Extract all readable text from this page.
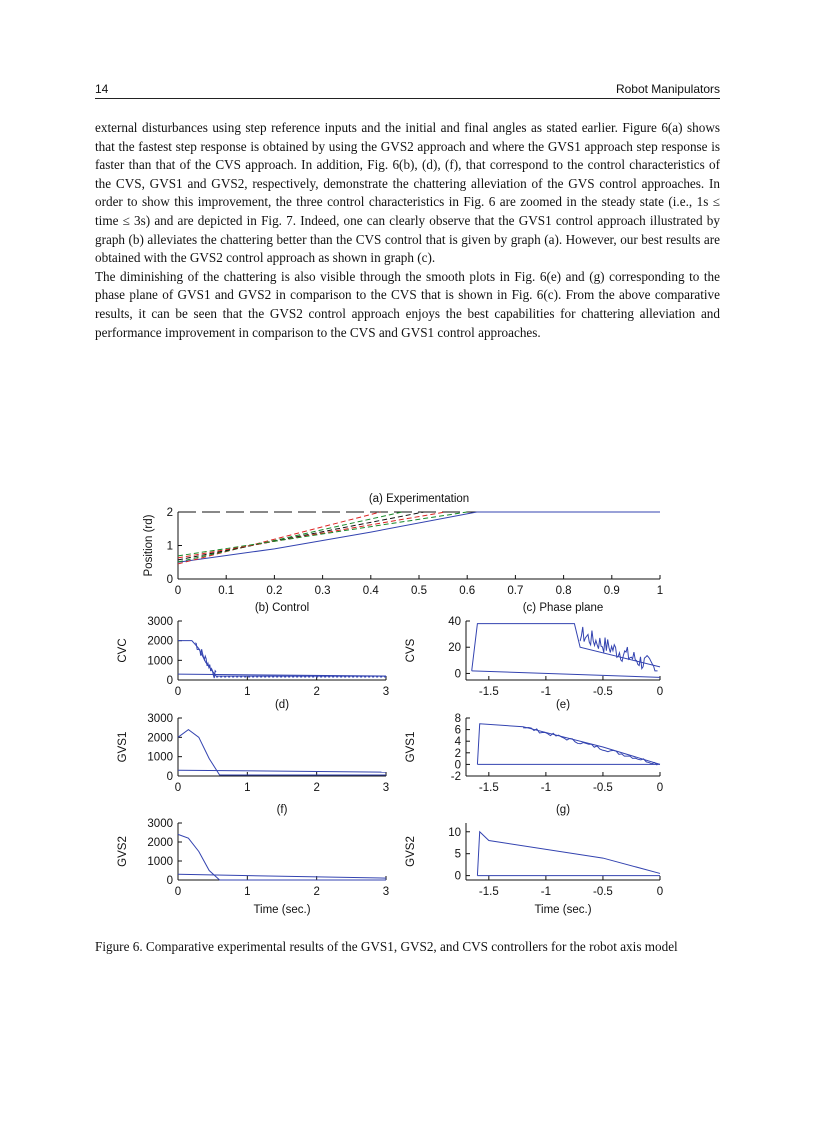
14	Robot Manipulators

external disturbances using step reference inputs and the initial and final angles as stated earlier. Figure 6(a) shows that the fastest step response is obtained by using the GVS2 approach and where the GVS1 approach step response is faster than that of the CVS approach. In addition, Fig. 6(b), (d), (f), that correspond to the control characteristics of the CVS, GVS1 and GVS2, respectively, demonstrate the chattering alleviation of the GVS control approaches. In order to show this improvement, the three control characteristics in Fig. 6 are zoomed in the steady state (i.e., 1s ≤ time ≤ 3s) and are depicted in Fig. 7. Indeed, one can clearly observe that the GVS1 control approach illustrated by graph (b) alleviates the chattering better than the CVS control that is given by graph (a). However, our best results are obtained with the GVS2 control approach as shown in graph (c).

The diminishing of the chattering is also visible through the smooth plots in Fig. 6(e) and (g) corresponding to the phase plane of GVS1 and GVS2 in comparison to the CVS that is shown in Fig. 6(c). From the above comparative results, it can be seen that the GVS2 control approach enjoys the best capabilities for chattering alleviation and performance improvement in comparison to the CVS and GVS1 control approaches.

0	0.1	0.2	0.3	0.4	0.5	0.6	0.7	0.8	0.9	1
0
1
2
(a) Experimentation
Position (rd)
0	1	2	3
0
1000
2000
3000
(b) Control
CVC
-1.5	-1	-0.5	0
0
20
40
(c) Phase plane
CVS
0	1	2	3
0
1000
2000
3000
(d)
GVS1
-1.5	-1	-0.5	0
-2
0
2
4
6
8
(e)
GVS1
0	1	2	3
0
1000
2000
3000
(f)
Time (sec.)
GVS2
-1.5	-1	-0.5	0
0
5
10
(g)
Time (sec.)
GVS2
Figure 6. Comparative experimental results of the GVS1, GVS2, and CVS controllers for the robot axis model
